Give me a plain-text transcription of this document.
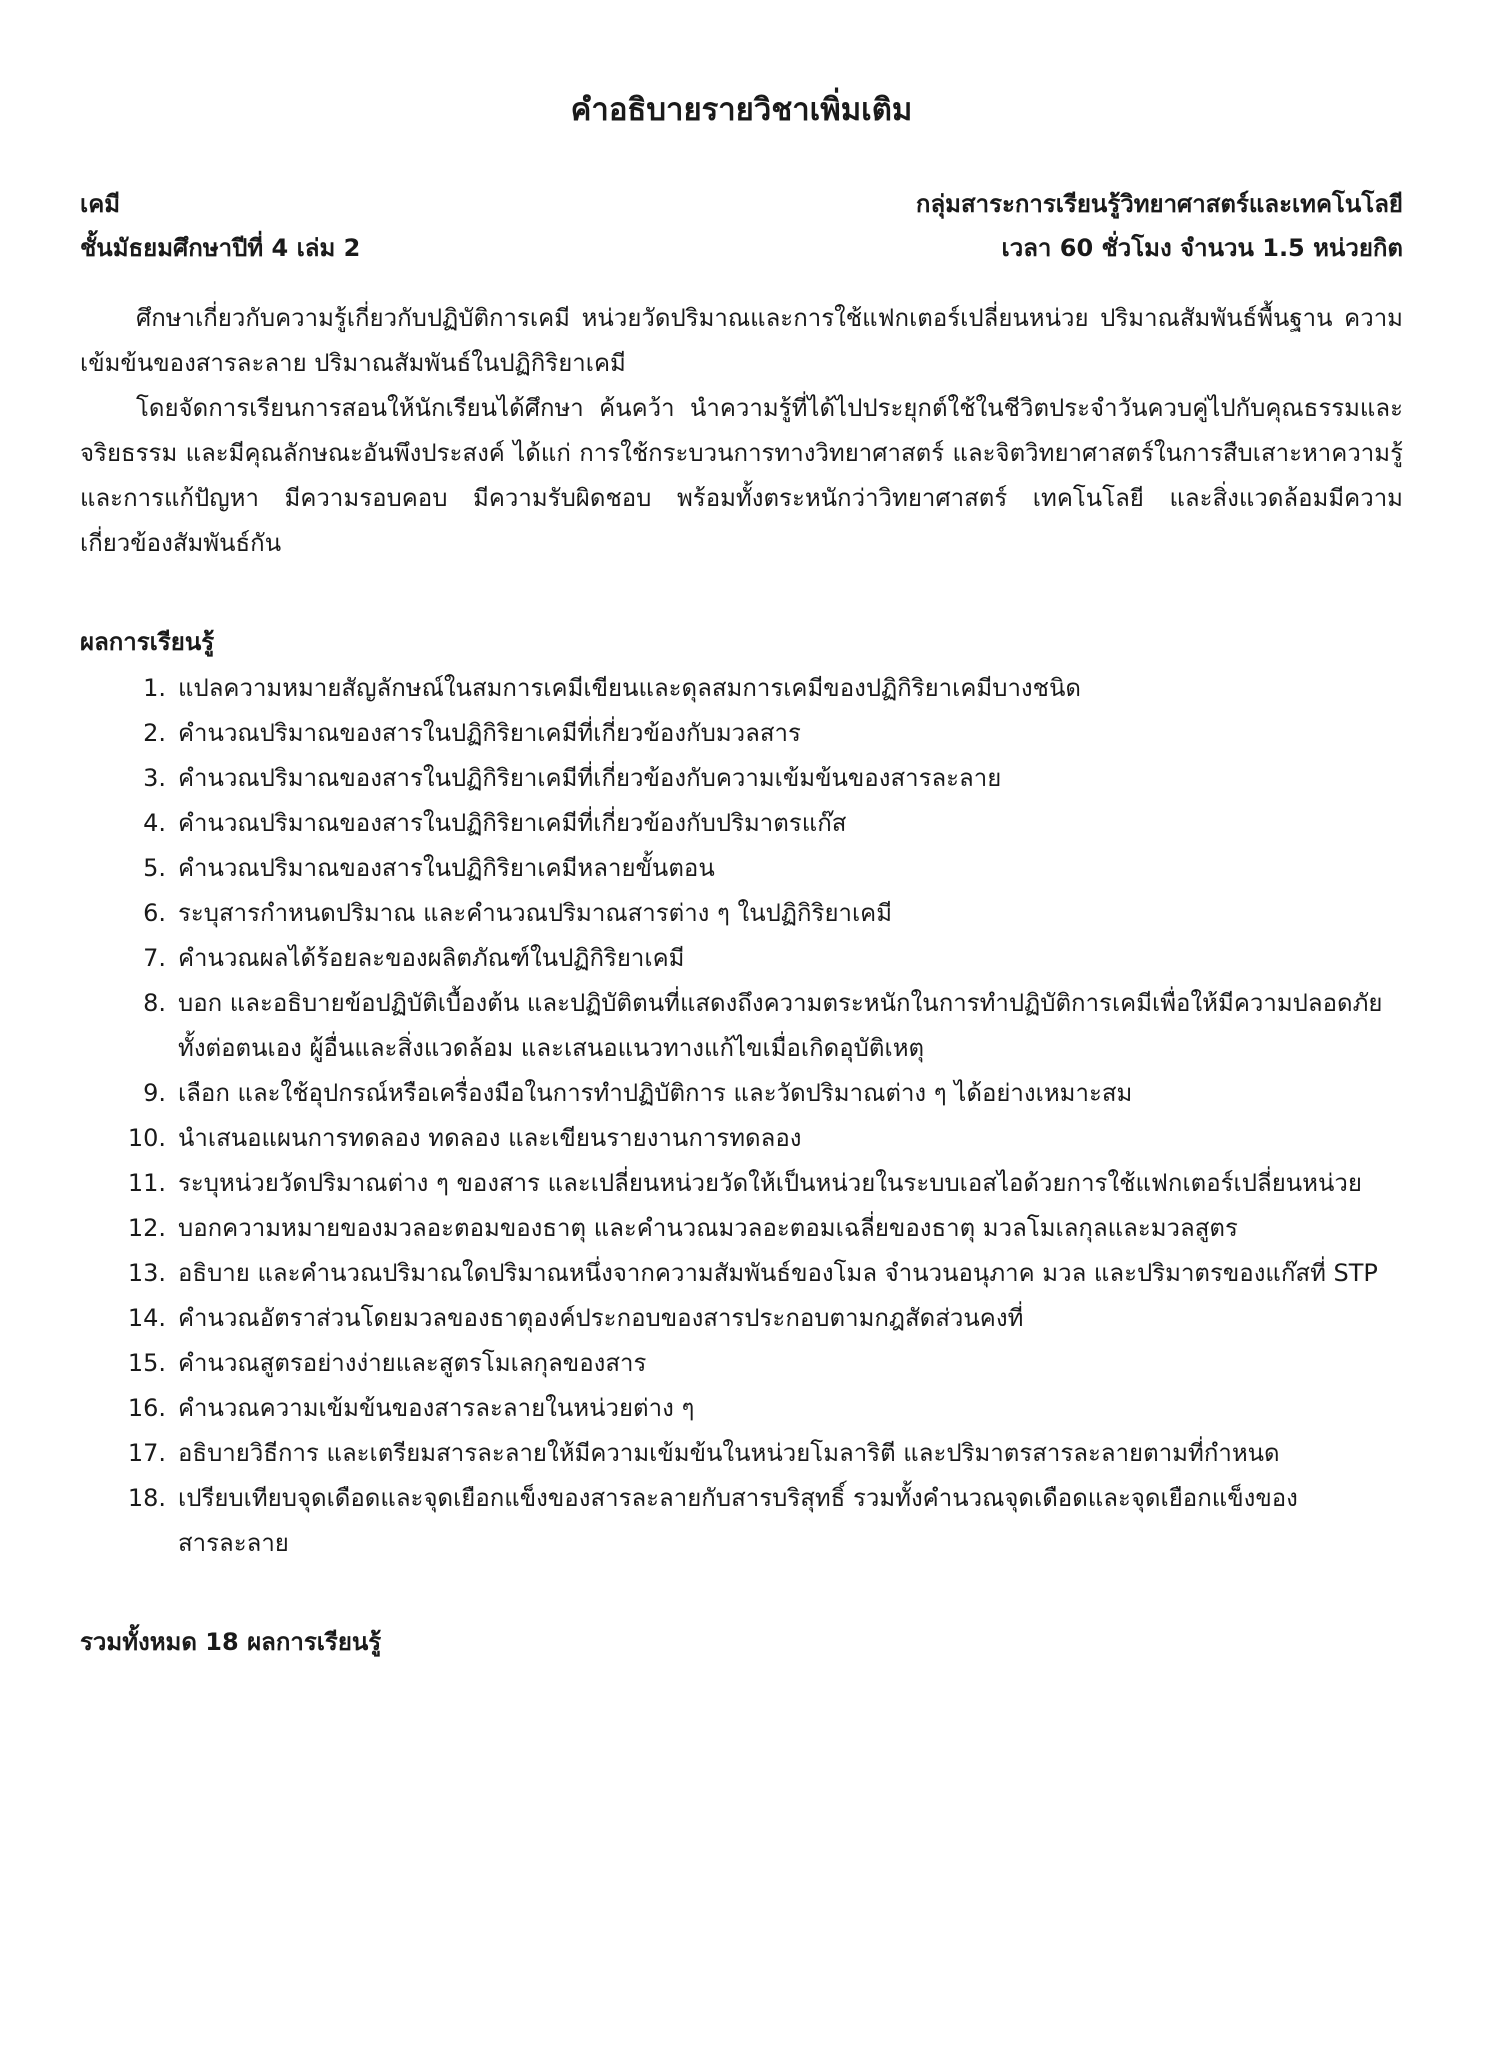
คำอธิบายรายวิชาเพิ่มเติม
เคมี	กลุ่มสาระการเรียนรู้วิทยาศาสตร์และเทคโนโลยี
ชั้นมัธยมศึกษาปีที่ 4 เล่ม 2	เวลา 60 ชั่วโมง จำนวน 1.5 หน่วยกิต

ศึกษาเกี่ยวกับความรู้เกี่ยวกับปฏิบัติการเคมี หน่วยวัดปริมาณและการใช้แฟกเตอร์เปลี่ยนหน่วย ปริมาณสัมพันธ์พื้นฐาน ความเข้มข้นของสารละลาย ปริมาณสัมพันธ์ในปฏิกิริยาเคมี

โดยจัดการเรียนการสอนให้นักเรียนได้ศึกษา ค้นคว้า นำความรู้ที่ได้ไปประยุกต์ใช้ในชีวิตประจำวันควบคู่ไปกับคุณธรรมและจริยธรรม และมีคุณลักษณะอันพึงประสงค์ ได้แก่ การใช้กระบวนการทางวิทยาศาสตร์ และจิตวิทยาศาสตร์ในการสืบเสาะหาความรู้และการแก้ปัญหา มีความรอบคอบ มีความรับผิดชอบ พร้อมทั้งตระหนักว่าวิทยาศาสตร์ เทคโนโลยี และสิ่งแวดล้อมมีความเกี่ยวข้องสัมพันธ์กัน

ผลการเรียนรู้
1. แปลความหมายสัญลักษณ์ในสมการเคมีเขียนและดุลสมการเคมีของปฏิกิริยาเคมีบางชนิด
2. คำนวณปริมาณของสารในปฏิกิริยาเคมีที่เกี่ยวข้องกับมวลสาร
3. คำนวณปริมาณของสารในปฏิกิริยาเคมีที่เกี่ยวข้องกับความเข้มข้นของสารละลาย
4. คำนวณปริมาณของสารในปฏิกิริยาเคมีที่เกี่ยวข้องกับปริมาตรแก๊ส
5. คำนวณปริมาณของสารในปฏิกิริยาเคมีหลายขั้นตอน
6. ระบุสารกำหนดปริมาณ และคำนวณปริมาณสารต่าง ๆ ในปฏิกิริยาเคมี
7. คำนวณผลได้ร้อยละของผลิตภัณฑ์ในปฏิกิริยาเคมี
8. บอก และอธิบายข้อปฏิบัติเบื้องต้น และปฏิบัติตนที่แสดงถึงความตระหนักในการทำปฏิบัติการเคมีเพื่อให้มีความปลอดภัยทั้งต่อตนเอง ผู้อื่นและสิ่งแวดล้อม และเสนอแนวทางแก้ไขเมื่อเกิดอุบัติเหตุ
9. เลือก และใช้อุปกรณ์หรือเครื่องมือในการทำปฏิบัติการ และวัดปริมาณต่าง ๆ ได้อย่างเหมาะสม
10. นำเสนอแผนการทดลอง ทดลอง และเขียนรายงานการทดลอง
11. ระบุหน่วยวัดปริมาณต่าง ๆ ของสาร และเปลี่ยนหน่วยวัดให้เป็นหน่วยในระบบเอสไอด้วยการใช้แฟกเตอร์เปลี่ยนหน่วย
12. บอกความหมายของมวลอะตอมของธาตุ และคำนวณมวลอะตอมเฉลี่ยของธาตุ มวลโมเลกุลและมวลสูตร
13. อธิบาย และคำนวณปริมาณใดปริมาณหนึ่งจากความสัมพันธ์ของโมล จำนวนอนุภาค มวล และปริมาตรของแก๊สที่ STP
14. คำนวณอัตราส่วนโดยมวลของธาตุองค์ประกอบของสารประกอบตามกฎสัดส่วนคงที่
15. คำนวณสูตรอย่างง่ายและสูตรโมเลกุลของสาร
16. คำนวณความเข้มข้นของสารละลายในหน่วยต่าง ๆ
17. อธิบายวิธีการ และเตรียมสารละลายให้มีความเข้มข้นในหน่วยโมลาริตี และปริมาตรสารละลายตามที่กำหนด
18. เปรียบเทียบจุดเดือดและจุดเยือกแข็งของสารละลายกับสารบริสุทธิ์ รวมทั้งคำนวณจุดเดือดและจุดเยือกแข็งของสารละลาย
รวมทั้งหมด 18 ผลการเรียนรู้
